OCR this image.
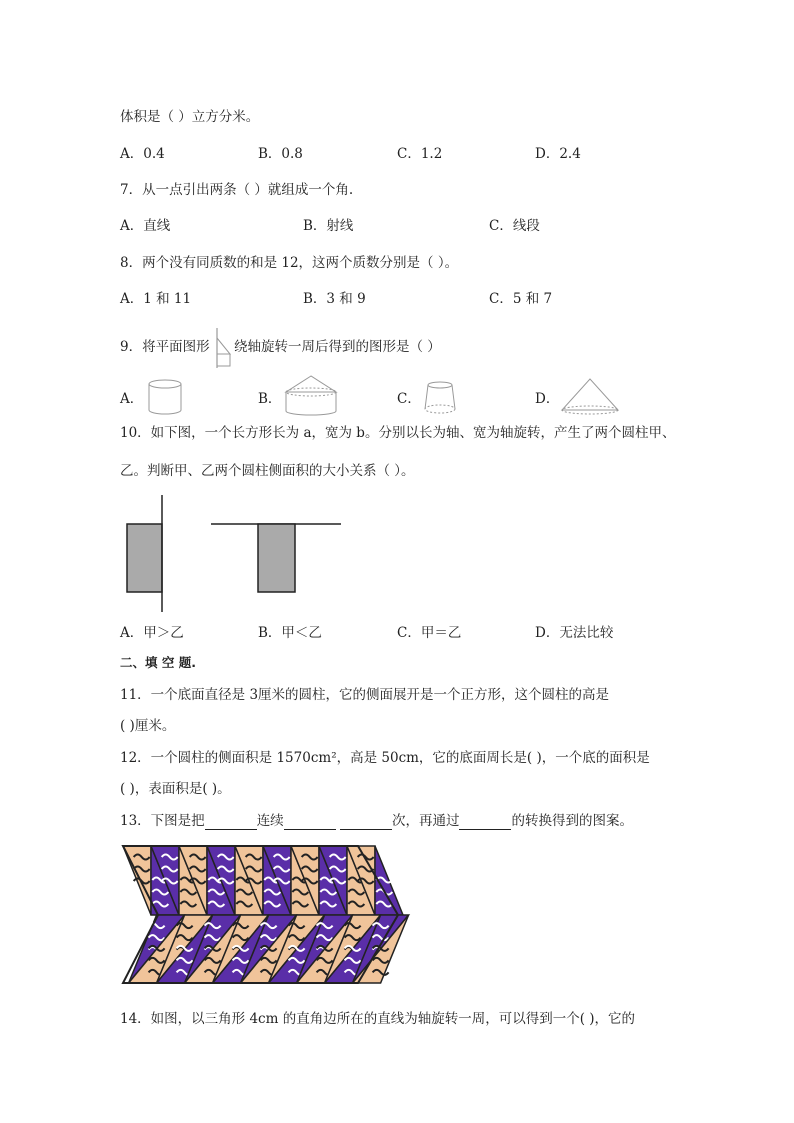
体积是（ ）立方分米。
A．0.4	B．0.8	C．1.2	D．2.4
7．从一点引出两条（ ）就组成一个角.
A．直线	B．射线	C．线段
8．两个没有同质数的和是 12，这两个质数分别是（ ）。
A．1 和 11	B．3 和 9	C．5 和 7
9．将平面图形 绕轴旋转一周后得到的图形是（ ）
A．	B．	C．	D．
10．如下图，一个长方形长为 a，宽为 b。分别以长为轴、宽为轴旋转，产生了两个圆柱甲、
乙。判断甲、乙两个圆柱侧面积的大小关系（ ）。
A．甲＞乙	B．甲＜乙	C．甲＝乙	D．无法比较
二、填 空 题.
11．一个底面直径是 3厘米的圆柱，它的侧面展开是一个正方形，这个圆柱的高是
( )厘米。
12．一个圆柱的侧面积是 1570cm²，高是 50cm，它的底面周长是( )，一个底的面积是
( )，表面积是( )。
13．下图是把	连续	次，再通过	的转换得到的图案。
14．如图，以三角形 4cm 的直角边所在的直线为轴旋转一周，可以得到一个( )，它的
